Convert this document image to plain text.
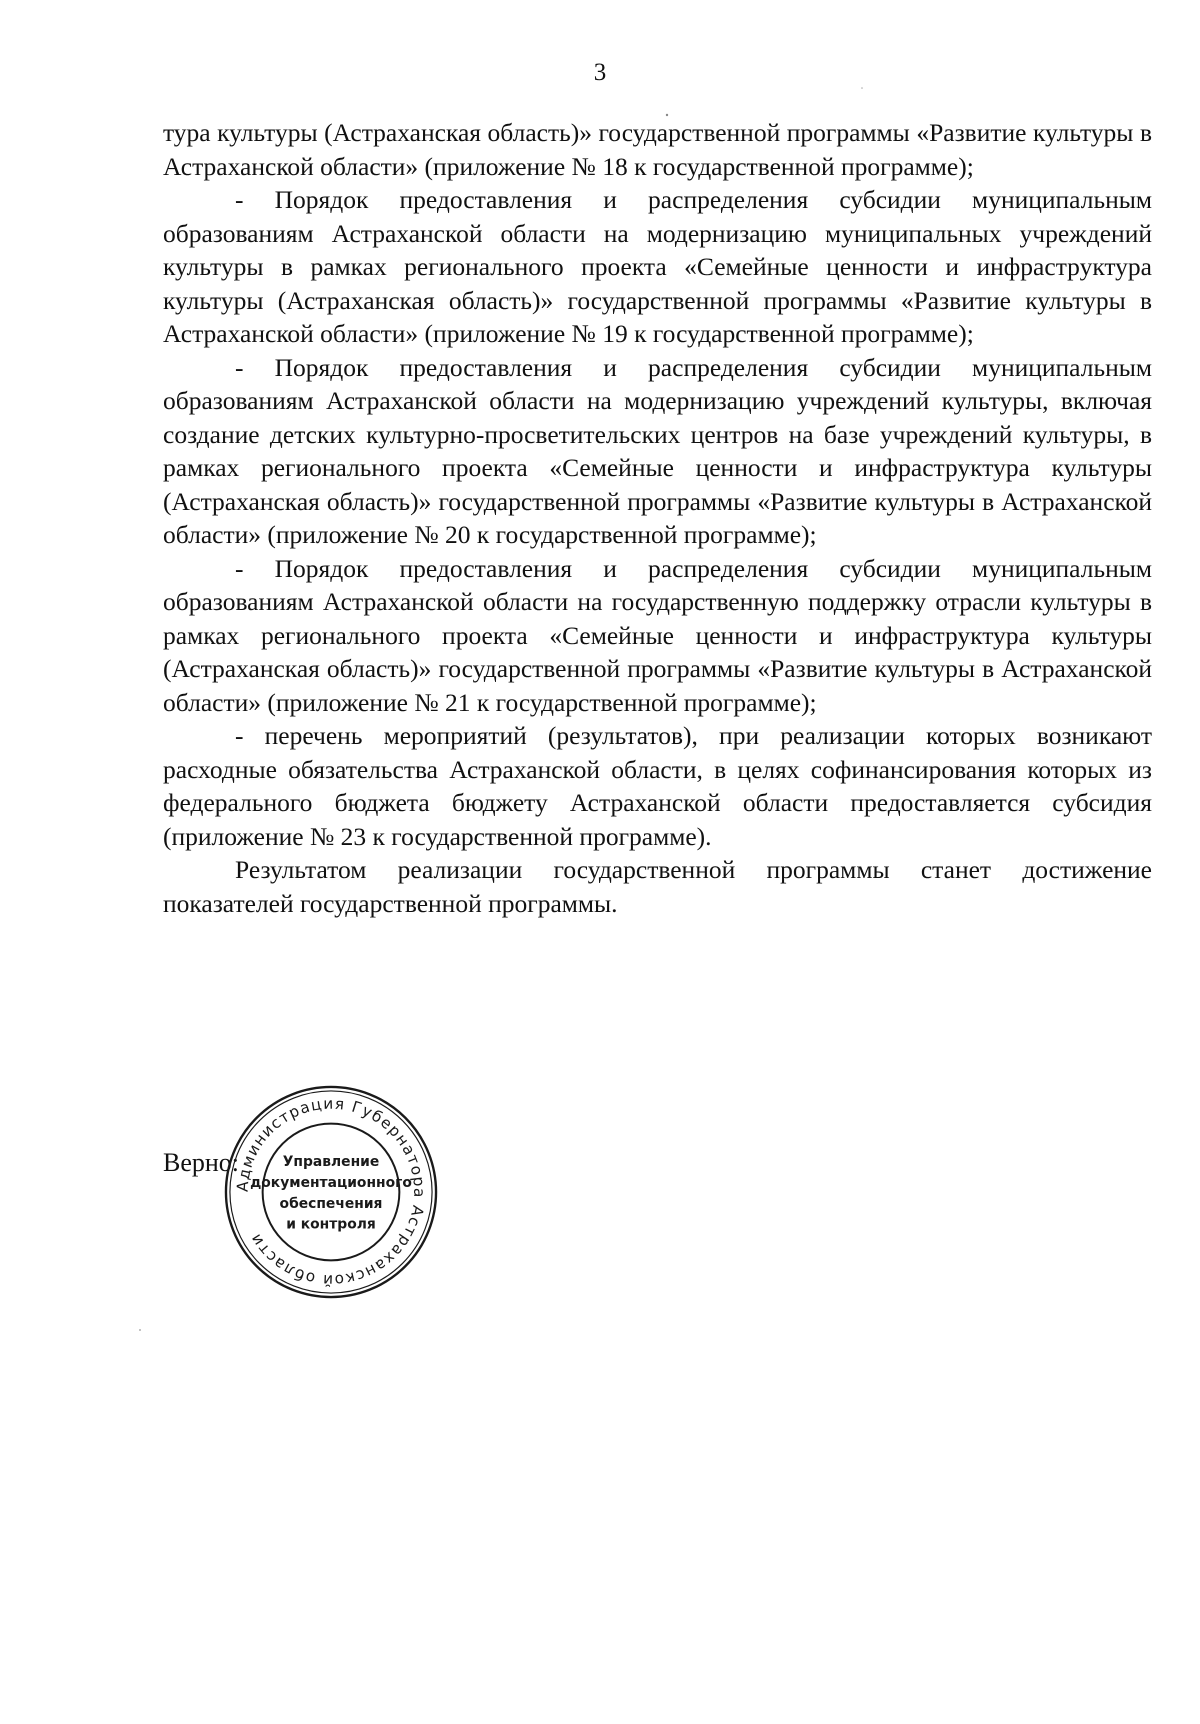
3

тура культуры (Астраханская область)» государственной программы «Развитие культуры в Астраханской области» (приложение № 18 к государственной программе);

- Порядок предоставления и распределения субсидии муниципальным образованиям Астраханской области на модернизацию муниципальных учреждений культуры в рамках регионального проекта «Семейные ценности и инфраструктура культуры (Астраханская область)» государственной программы «Развитие культуры в Астраханской области» (приложение № 19 к государственной программе);

- Порядок предоставления и распределения субсидии муниципальным образованиям Астраханской области на модернизацию учреждений культуры, включая создание детских культурно-просветительских центров на базе учреждений культуры, в рамках регионального проекта «Семейные ценности и инфраструктура культуры (Астраханская область)» государственной программы «Развитие культуры в Астраханской области» (приложение № 20 к государственной программе);

- Порядок предоставления и распределения субсидии муниципальным образованиям Астраханской области на государственную поддержку отрасли культуры в рамках регионального проекта «Семейные ценности и инфраструктура культуры (Астраханская область)» государственной программы «Развитие культуры в Астраханской области» (приложение № 21 к государственной программе);

- перечень мероприятий (результатов), при реализации которых возникают расходные обязательства Астраханской области, в целях софинансирования которых из федерального бюджета бюджету Астраханской области предоставляется субсидия (приложение № 23 к государственной программе).

Результатом реализации государственной программы станет достижение показателей государственной программы.

Верно:
Администрация Губернатора Астраханской области
Управление
документационного
обеспечения
и контроля
